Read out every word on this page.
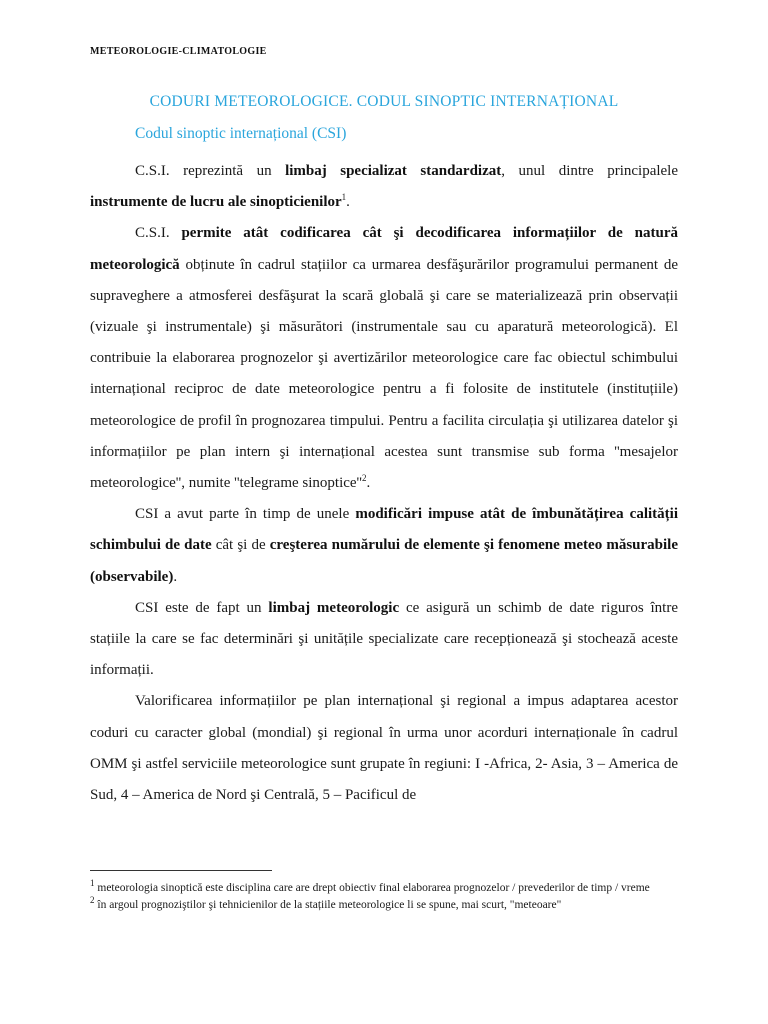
METEOROLOGIE-CLIMATOLOGIE
CODURI METEOROLOGICE. CODUL SINOPTIC INTERNAȚIONAL
Codul sinoptic internațional (CSI)

C.S.I. reprezintă un limbaj specializat standardizat, unul dintre principalele instrumente de lucru ale sinopticienilor$^1$.

C.S.I. permite atât codificarea cât şi decodificarea informațiilor de natură meteorologică obținute în cadrul stațiilor ca urmarea desfăşurărilor programului permanent de supraveghere a atmosferei desfăşurat la scară globală şi care se materializează prin observații (vizuale şi instrumentale) şi măsurători (instrumentale sau cu aparatură meteorologică). El contribuie la elaborarea prognozelor şi avertizărilor meteorologice care fac obiectul schimbului internațional reciproc de date meteorologice pentru a fi folosite de institutele (instituțiile) meteorologice de profil în prognozarea timpului. Pentru a facilita circulația şi utilizarea datelor şi informațiilor pe plan intern şi internațional acestea sunt transmise sub forma ''mesajelor meteorologice'', numite ''telegrame $sinoptice''^2$.

CSI a avut parte în timp de unele modificări impuse atât de îmbunătățirea calității schimbului de date cât şi de creşterea numărului de elemente şi fenomene meteo măsurabile (observabile).

CSI este de fapt un limbaj meteorologic ce asigură un schimb de date riguros între stațiile la care se fac determinări şi unitățile specializate care recepționează şi stochează aceste informații.

Valorificarea informațiilor pe plan internațional şi regional a impus adaptarea acestor coduri cu caracter global (mondial) şi regional în urma unor acorduri internaționale în cadrul OMM şi astfel serviciile meteorologice sunt grupate în regiuni: I -Africa, 2- Asia, 3 – America de Sud, 4 – America de Nord şi Centrală, 5 – Pacificul de

$^1$ meteorologia sinoptică este disciplina care are drept obiectiv final elaborarea prognozelor / prevederilor de timp / vreme

$^2$ în argoul prognoziştilor şi tehnicienilor de la stațiile meteorologice li se spune, mai scurt, "meteoare"
